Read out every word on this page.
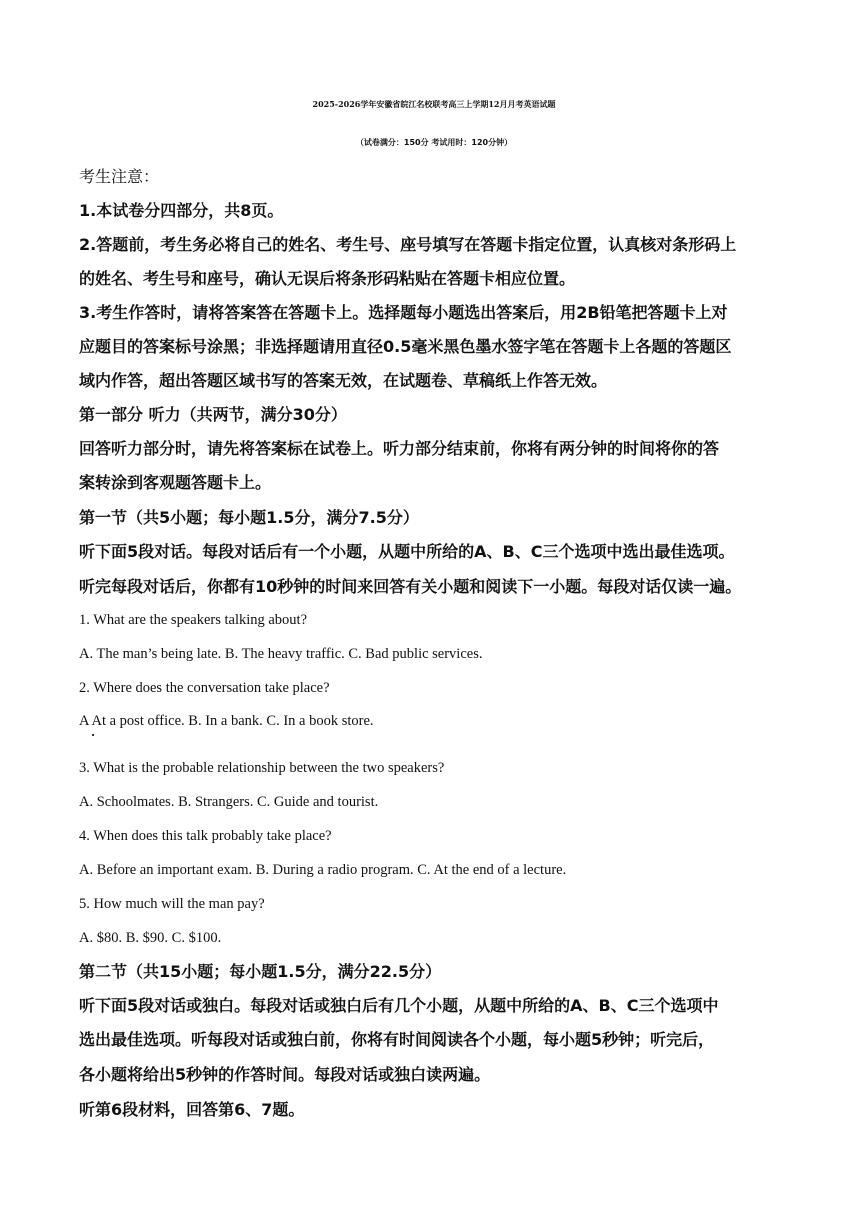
2025-2026学年安徽省皖江名校联考高三上学期12月月考英语试题
（试卷满分：150分 考试用时：120分钟）
考生注意：
1.本试卷分四部分，共8页。
2.答题前，考生务必将自己的姓名、考生号、座号填写在答题卡指定位置，认真核对条形码上
的姓名、考生号和座号，确认无误后将条形码粘贴在答题卡相应位置。
3.考生作答时，请将答案答在答题卡上。选择题每小题选出答案后，用2B铅笔把答题卡上对
应题目的答案标号涂黑；非选择题请用直径0.5毫米黑色墨水签字笔在答题卡上各题的答题区
域内作答，超出答题区域书写的答案无效，在试题卷、草稿纸上作答无效。
第一部分 听力（共两节，满分30分）
回答听力部分时，请先将答案标在试卷上。听力部分结束前，你将有两分钟的时间将你的答
案转涂到客观题答题卡上。
第一节（共5小题；每小题1.5分，满分7.5分）
听下面5段对话。每段对话后有一个小题，从题中所给的A、B、C三个选项中选出最佳选项。
听完每段对话后，你都有10秒钟的时间来回答有关小题和阅读下一小题。每段对话仅读一遍。
1. What are the speakers talking about?
A. The man’s being late. B. The heavy traffic. C. Bad public services.
2. Where does the conversation take place?
A At a post office. B. In a bank. C. In a book store.
3. What is the probable relationship between the two speakers?
A. Schoolmates. B. Strangers. C. Guide and tourist.
4. When does this talk probably take place?
A. Before an important exam. B. During a radio program. C. At the end of a lecture.
5. How much will the man pay?
A. $80. B. $90. C. $100.
第二节（共15小题；每小题1.5分，满分22.5分）
听下面5段对话或独白。每段对话或独白后有几个小题，从题中所给的A、B、C三个选项中
选出最佳选项。听每段对话或独白前，你将有时间阅读各个小题，每小题5秒钟；听完后，
各小题将给出5秒钟的作答时间。每段对话或独白读两遍。
听第6段材料，回答第6、7题。
